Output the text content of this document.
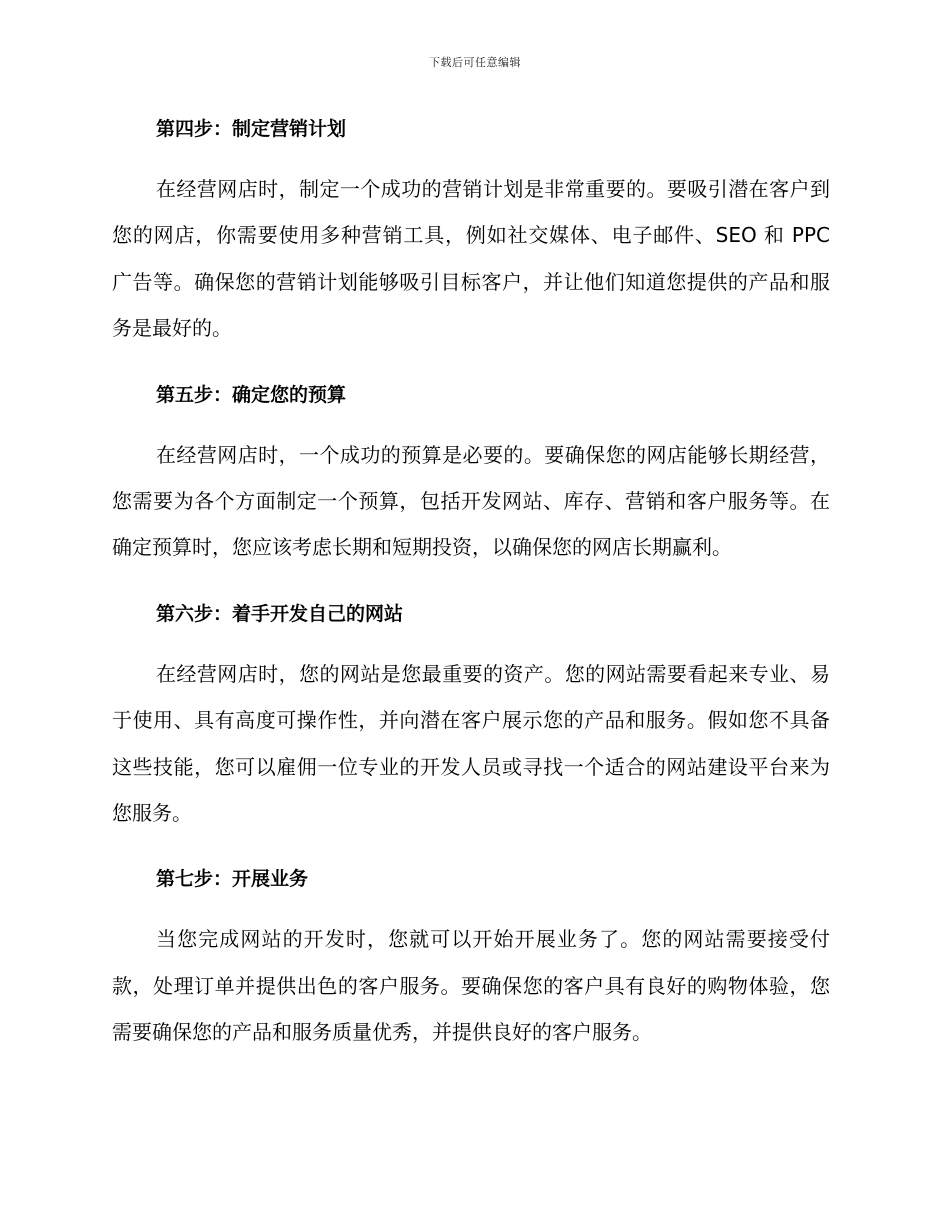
下载后可任意编辑
第四步：制定营销计划

在经营网店时，制定一个成功的营销计划是非常重要的。要吸引潜在客户到您的网店，你需要使用多种营销工具，例如社交媒体、电子邮件、SEO 和 PPC 广告等。确保您的营销计划能够吸引目标客户，并让他们知道您提供的产品和服务是最好的。

第五步：确定您的预算

在经营网店时，一个成功的预算是必要的。要确保您的网店能够长期经营，您需要为各个方面制定一个预算，包括开发网站、库存、营销和客户服务等。在确定预算时，您应该考虑长期和短期投资，以确保您的网店长期赢利。

第六步：着手开发自己的网站

在经营网店时，您的网站是您最重要的资产。您的网站需要看起来专业、易于使用、具有高度可操作性，并向潜在客户展示您的产品和服务。假如您不具备这些技能，您可以雇佣一位专业的开发人员或寻找一个适合的网站建设平台来为您服务。

第七步：开展业务

当您完成网站的开发时，您就可以开始开展业务了。您的网站需要接受付款，处理订单并提供出色的客户服务。要确保您的客户具有良好的购物体验，您需要确保您的产品和服务质量优秀，并提供良好的客户服务。
